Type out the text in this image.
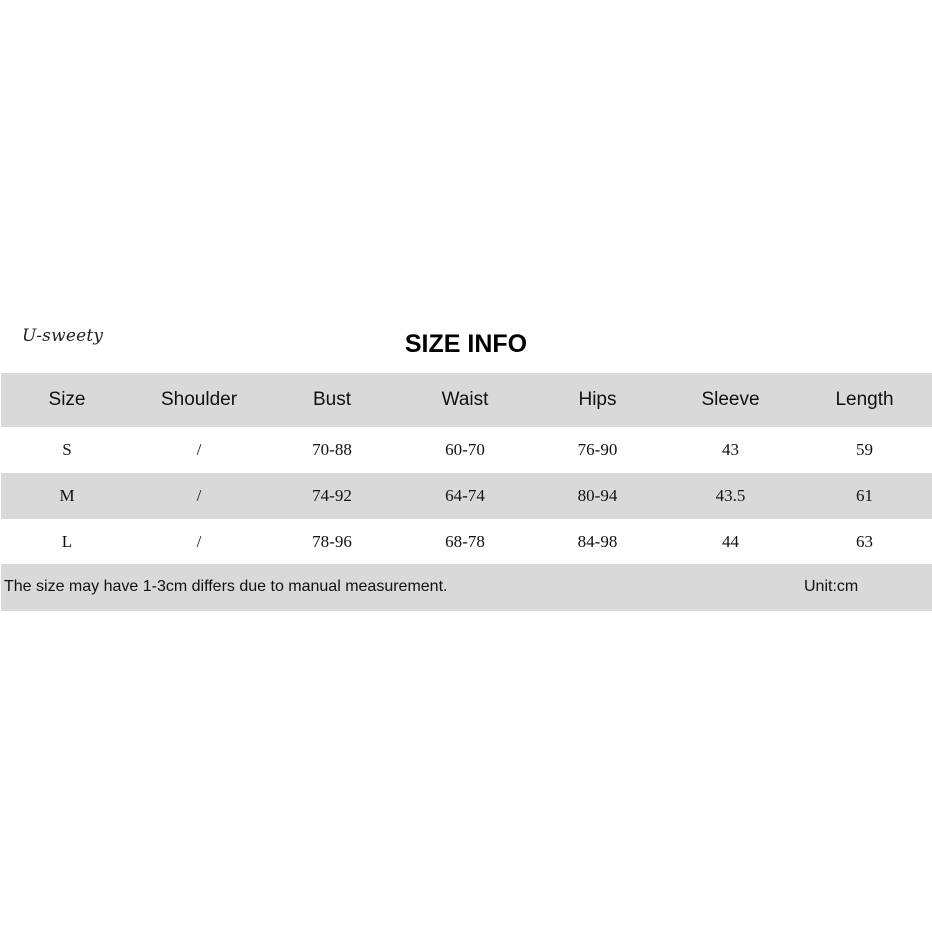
U-sweety	SIZE INFO
Size	Shoulder	Bust	Waist	Hips	Sleeve	Length
S	/	70-88	60-70	76-90	43	59
M	/	74-92	64-74	80-94	43.5	61
L	/	78-96	68-78	84-98	44	63
The size may have 1-3cm differs due to manual measurement.	Unit:cm
